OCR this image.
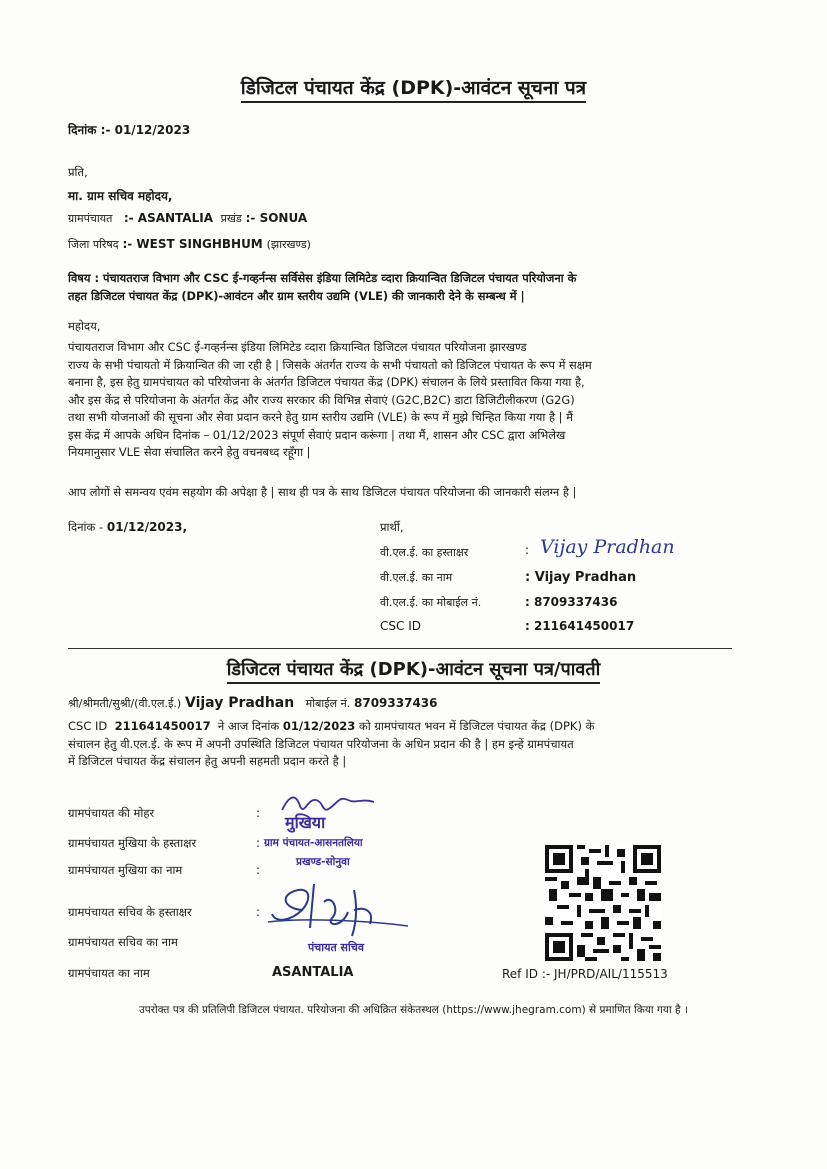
डिजिटल पंचायत केंद्र (DPK)-आवंटन सूचना पत्र
दिनांक :- 01/12/2023
प्रति,
मा. ग्राम सचिव महोदय,
ग्रामपंचायत :- ASANTALIA प्रखंड :- SONUA
जिला परिषद :- WEST SINGHBHUM (झारखण्ड)
विषय : पंचायतराज विभाग और CSC ई-गव्हर्नन्स सर्विसेस इंडिया लिमिटेड व्दारा क्रियान्वित डिजिटल पंचायत परियोजना के
तहत डिजिटल पंचायत केंद्र (DPK)-आवंटन और ग्राम स्तरीय उद्यमि (VLE) की जानकारी देने के सम्बन्ध में |
महोदय,
पंचायतराज विभाग और CSC ई-गव्हर्नन्स इंडिया लिमिटेड व्दारा क्रियान्वित डिजिटल पंचायत परियोजना झारखण्ड
राज्य के सभी पंचायतो में क्रियान्वित की जा रही है | जिसके अंतर्गत राज्य के सभी पंचायतो को डिजिटल पंचायत के रूप में सक्षम
बनाना है, इस हेतु ग्रामपंचायत को परियोजना के अंतर्गत डिजिटल पंचायत केंद्र (DPK) संचालन के लिये प्रस्तावित किया गया है,
और इस केंद्र से परियोजना के अंतर्गत केंद्र और राज्य सरकार की विभिन्न सेवाएं (G2C,B2C) डाटा डिजिटीलीकरण (G2G)
तथा सभी योजनाओं की सूचना और सेवा प्रदान करने हेतु ग्राम स्तरीय उद्यमि (VLE) के रूप में मुझे चिन्हित किया गया है | मैं
इस केंद्र में आपके अधिन दिनांक – 01/12/2023 संपूर्ण सेवाएं प्रदान करूंगा | तथा मैं, शासन और CSC द्वारा अभिलेख
नियमानुसार VLE सेवा संचालित करने हेतु वचनबध्द रहूँगा |
आप लोगों से समन्वय एवंम सहयोग की अपेक्षा है | साथ ही पत्र के साथ डिजिटल पंचायत परियोजना की जानकारी संलग्न है |
दिनांक - 01/12/2023,	प्रार्थी,
वी.एल.ई. का हस्ताक्षर	: Vijay Pradhan
वी.एल.ई. का नाम	: Vijay Pradhan
वी.एल.ई. का मोबाईल नं.	: 8709337436
CSC ID	: 211641450017
डिजिटल पंचायत केंद्र (DPK)-आवंटन सूचना पत्र/पावती
श्री/श्रीमती/सुश्री/(वी.एल.ई.) Vijay Pradhan मोबाईल नं. 8709337436
CSC ID 211641450017 ने आज दिनांक 01/12/2023 को ग्रामपंचायत भवन में डिजिटल पंचायत केंद्र (DPK) के
संचालन हेतु वी.एल.ई. के रूप में अपनी उपस्थिति डिजिटल पंचायत परियोजना के अधिन प्रदान की है | हम इन्हें ग्रामपंचायत
में डिजिटल पंचायत केंद्र संचालन हेतु अपनी सहमती प्रदान करते है |
ग्रामपंचायत की मोहर	:
ग्रामपंचायत मुखिया के हस्ताक्षर	:
ग्रामपंचायत मुखिया का नाम	:
ग्रामपंचायत सचिव के हस्ताक्षर	:
ग्रामपंचायत सचिव का नाम
ग्रामपंचायत का नाम	ASANTALIA
मुखिया
ग्राम पंचायत-आसनतलिया
प्रखण्ड-सोनुवा
पंचायत सचिव
Ref ID :- JH/PRD/AIL/115513
उपरोक्त पत्र की प्रतिलिपी डिजिटल पंचायत. परियोजना की अधिक्रित संकेतस्थल (https://www.jhegram.com) से प्रमाणित किया गया है ।
